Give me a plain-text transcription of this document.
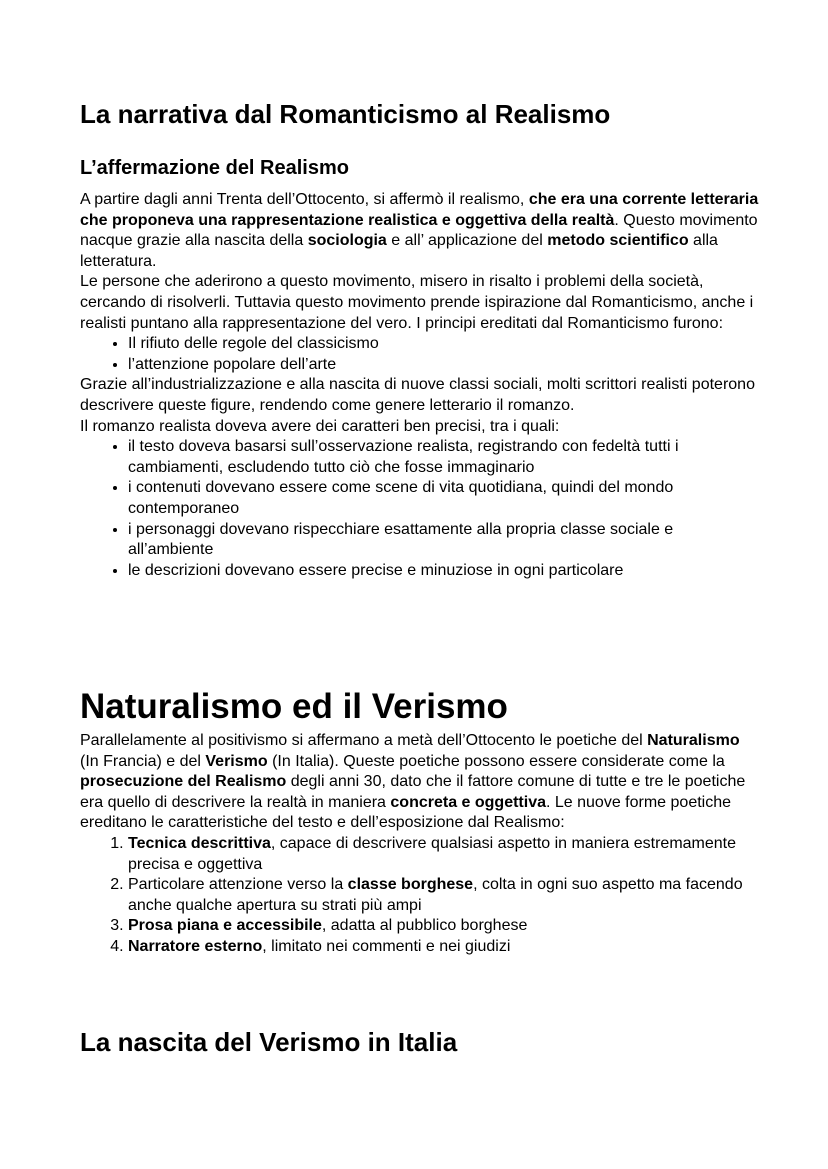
La narrativa dal Romanticismo al Realismo
L’affermazione del Realismo

A partire dagli anni Trenta dell’Ottocento, si affermò il realismo, che era una corrente letteraria che proponeva una rappresentazione realistica e oggettiva della realtà. Questo movimento nacque grazie alla nascita della sociologia e all’ applicazione del metodo scientifico alla letteratura.

Le persone che aderirono a questo movimento, misero in risalto i problemi della società, cercando di risolverli. Tuttavia questo movimento prende ispirazione dal Romanticismo, anche i realisti puntano alla rappresentazione del vero. I principi ereditati dal Romanticismo furono:

• Il rifiuto delle regole del classicismo
• l’attenzione popolare dell’arte

Grazie all’industrializzazione e alla nascita di nuove classi sociali, molti scrittori realisti poterono descrivere queste figure, rendendo come genere letterario il romanzo.

Il romanzo realista doveva avere dei caratteri ben precisi, tra i quali:

• il testo doveva basarsi sull’osservazione realista, registrando con fedeltà tutti i cambiamenti, escludendo tutto ciò che fosse immaginario
• i contenuti dovevano essere come scene di vita quotidiana, quindi del mondo contemporaneo
• i personaggi dovevano rispecchiare esattamente alla propria classe sociale e all’ambiente
• le descrizioni dovevano essere precise e minuziose in ogni particolare
Naturalismo ed il Verismo

Parallelamente al positivismo si affermano a metà dell’Ottocento le poetiche del Naturalismo (In Francia) e del Verismo (In Italia). Queste poetiche possono essere considerate come la prosecuzione del Realismo degli anni 30, dato che il fattore comune di tutte e tre le poetiche era quello di descrivere la realtà in maniera concreta e oggettiva. Le nuove forme poetiche ereditano le caratteristiche del testo e dell’esposizione dal Realismo:

1. Tecnica descrittiva, capace di descrivere qualsiasi aspetto in maniera estremamente precisa e oggettiva
2. Particolare attenzione verso la classe borghese, colta in ogni suo aspetto ma facendo anche qualche apertura su strati più ampi
3. Prosa piana e accessibile, adatta al pubblico borghese
4. Narratore esterno, limitato nei commenti e nei giudizi
La nascita del Verismo in Italia
